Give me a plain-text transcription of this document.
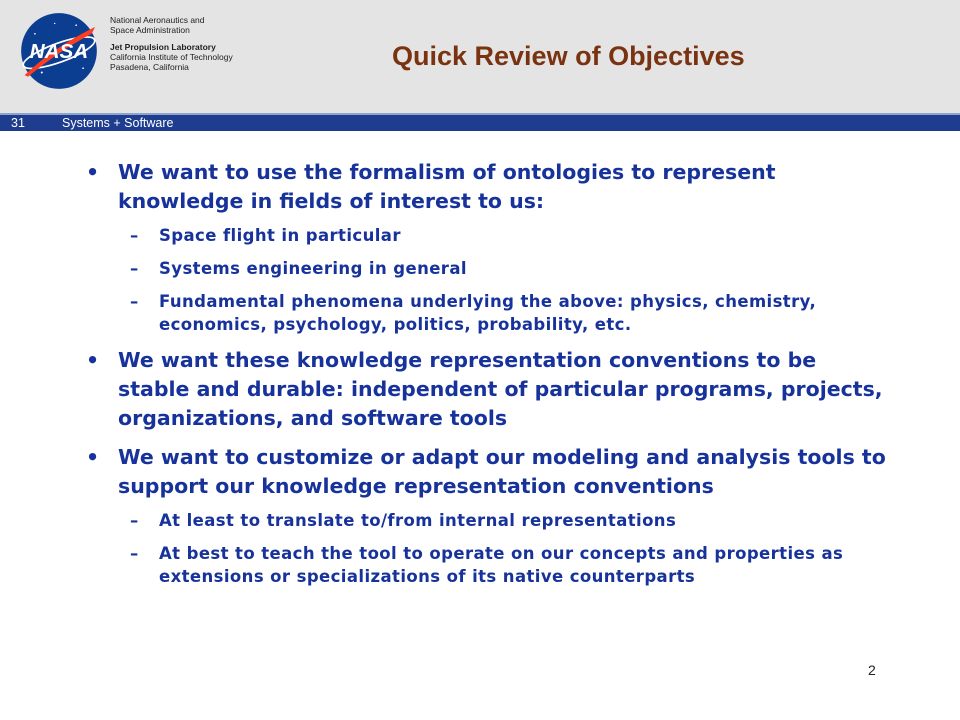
NASA
National Aeronautics and
Space Administration
Jet Propulsion Laboratory
California Institute of Technology
Pasadena, California	Quick Review of Objectives
31	Systems + Software
• We want to use the formalism of ontologies to represent knowledge in fields of interest to us:
– Space flight in particular
– Systems engineering in general
– Fundamental phenomena underlying the above: physics, chemistry, economics, psychology, politics, probability, etc.
• We want these knowledge representation conventions to be stable and durable: independent of particular programs, projects, organizations, and software tools
• We want to customize or adapt our modeling and analysis tools to support our knowledge representation conventions
– At least to translate to/from internal representations
– At best to teach the tool to operate on our concepts and properties as extensions or specializations of its native counterparts
2
